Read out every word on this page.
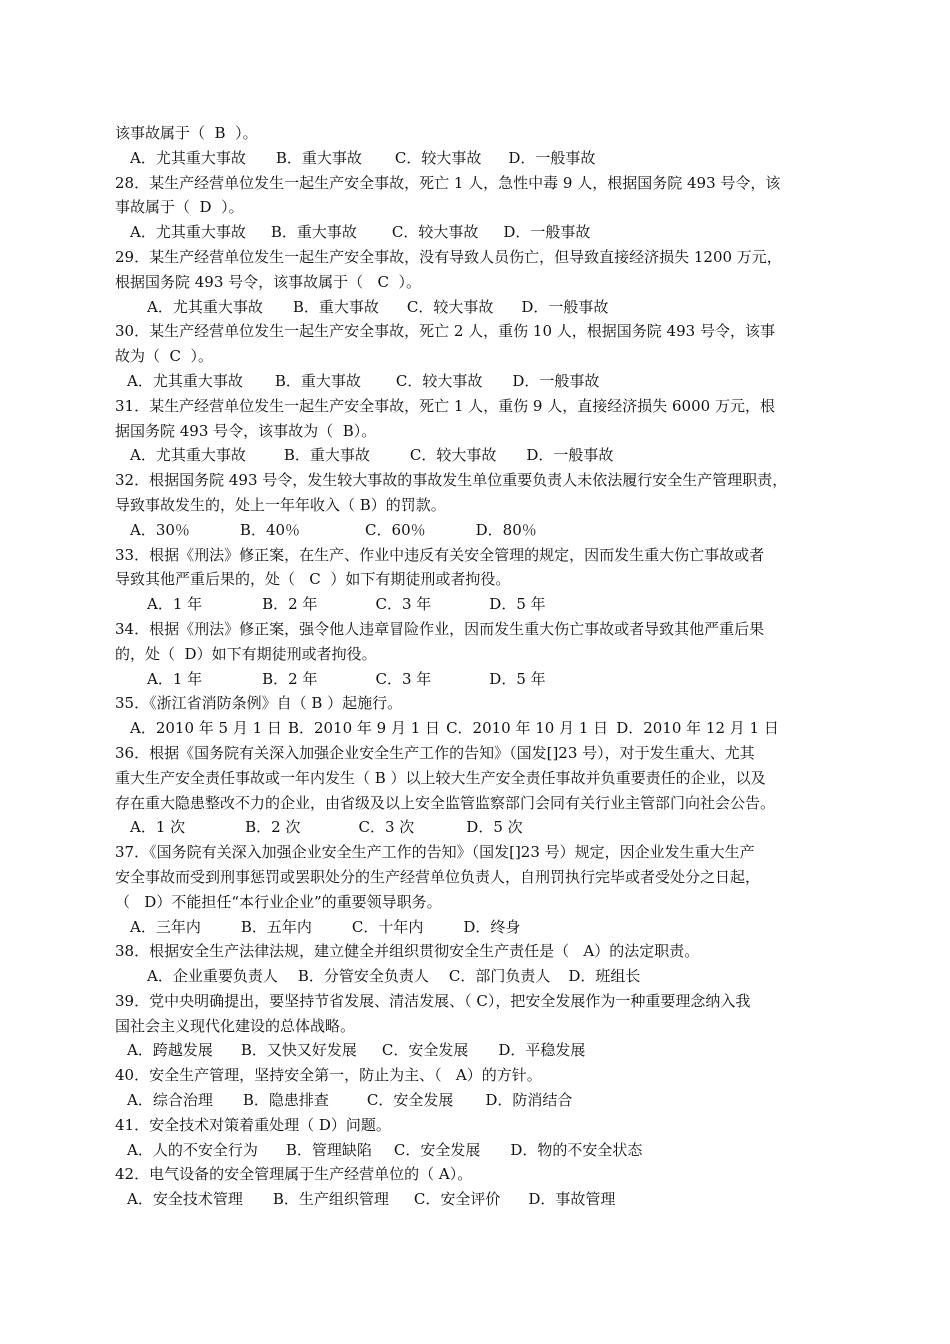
该事故属于（  B  ）。
A．尤其重大事故 B．重大事故 C．较大事故 D．一般事故
28．某生产经营单位发生一起生产安全事故，死亡 1 人，急性中毒 9 人，根据国务院 493 号令，该
事故属于（  D  ）。
A．尤其重大事故 B．重大事故 C．较大事故 D．一般事故
29．某生产经营单位发生一起生产安全事故，没有导致人员伤亡，但导致直接经济损失 1200 万元，
根据国务院 493 号令，该事故属于（   C  ）。
A．尤其重大事故 B．重大事故 C．较大事故 D．一般事故
30．某生产经营单位发生一起生产安全事故，死亡 2 人，重伤 10 人，根据国务院 493 号令，该事
故为（  C  ）。
A．尤其重大事故 B．重大事故 C．较大事故 D．一般事故
31．某生产经营单位发生一起生产安全事故，死亡 1 人，重伤 9 人，直接经济损失 6000 万元，根
据国务院 493 号令，该事故为（  B）。
A．尤其重大事故	B．重大事故	C．较大事故 D．一般事故
32．根据国务院 493 号令，发生较大事故的事故发生单位重要负责人未依法履行安全生产管理职责，
导致事故发生的，处上一年年收入（ B）的罚款。
A．30％	B．40％	C．60％	D．80％
33．根据《刑法》修正案，在生产、作业中违反有关安全管理的规定，因而发生重大伤亡事故或者
导致其他严重后果的，处（   C  ）如下有期徒刑或者拘役。
A．1 年	B．2 年	C．3 年	D．5 年
34．根据《刑法》修正案，强令他人违章冒险作业，因而发生重大伤亡事故或者导致其他严重后果
的，处（  D）如下有期徒刑或者拘役。
A．1 年	B．2 年	C．3 年	D．5 年
35．《浙江省消防条例》自（ B ）起施行。
A．2010 年 5 月 1 日 B．2010 年 9 月 1 日 C．2010 年 10 月 1 日 D．2010 年 12 月 1 日
36．根据《国务院有关深入加强企业安全生产工作的告知》（国发[]23 号），对于发生重大、尤其
重大生产安全责任事故或一年内发生（ B ）以上较大生产安全责任事故并负重要责任的企业，以及
存在重大隐患整改不力的企业，由省级及以上安全监管监察部门会同有关行业主管部门向社会公告。
A．1 次	B．2 次	C．3 次	D．5 次
37．《国务院有关深入加强企业安全生产工作的告知》（国发[]23 号）规定，因企业发生重大生产
安全事故而受到刑事惩罚或罢职处分的生产经营单位负责人，自刑罚执行完毕或者受处分之日起，
（   D）不能担任“本行业企业”的重要领导职务。
A．三年内	B．五年内	C．十年内	D．终身
38．根据安全生产法律法规，建立健全并组织贯彻安全生产责任是（   A）的法定职责。
A．企业重要负责人 B．分管安全负责人 C．部门负责人 D．班组长
39．党中央明确提出，要坚持节省发展、清洁发展、（ C），把安全发展作为一种重要理念纳入我
国社会主义现代化建设的总体战略。
A．跨越发展 B．又快又好发展 C．安全发展 D．平稳发展
40．安全生产管理，坚持安全第一，防止为主、（   A）的方针。
A．综合治理 B．隐患排查	C．安全发展 D．防消结合
41．安全技术对策着重处理（ D）问题。
A．人的不安全行为 B．管理缺陷 C．安全发展 D．物的不安全状态
42．电气设备的安全管理属于生产经营单位的（ A）。
A．安全技术管理 B．生产组织管理 C．安全评价 D．事故管理
